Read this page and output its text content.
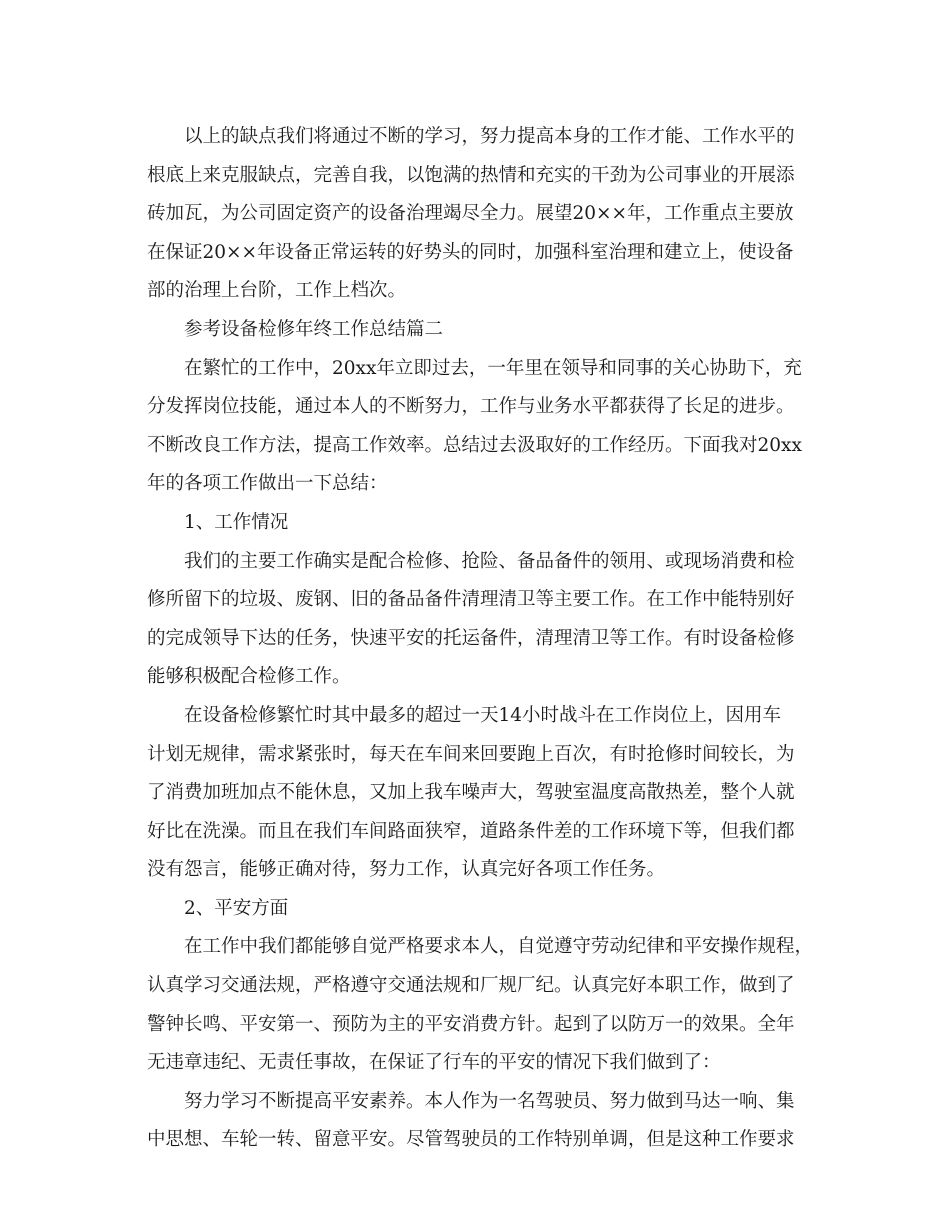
以上的缺点我们将通过不断的学习，努力提高本身的工作才能、工作水平的
根底上来克服缺点，完善自我，以饱满的热情和充实的干劲为公司事业的开展添
砖加瓦，为公司固定资产的设备治理竭尽全力。展望20××年，工作重点主要放
在保证20××年设备正常运转的好势头的同时，加强科室治理和建立上，使设备
部的治理上台阶，工作上档次。
参考设备检修年终工作总结篇二
在繁忙的工作中，20xx年立即过去，一年里在领导和同事的关心协助下，充
分发挥岗位技能，通过本人的不断努力，工作与业务水平都获得了长足的进步。
不断改良工作方法，提高工作效率。总结过去汲取好的工作经历。下面我对20xx
年的各项工作做出一下总结：
1、工作情况
我们的主要工作确实是配合检修、抢险、备品备件的领用、或现场消费和检
修所留下的垃圾、废钢、旧的备品备件清理清卫等主要工作。在工作中能特别好
的完成领导下达的任务，快速平安的托运备件，清理清卫等工作。有时设备检修
能够积极配合检修工作。
在设备检修繁忙时其中最多的超过一天14小时战斗在工作岗位上，因用车
计划无规律，需求紧张时，每天在车间来回要跑上百次，有时抢修时间较长，为
了消费加班加点不能休息，又加上我车噪声大，驾驶室温度高散热差，整个人就
好比在洗澡。而且在我们车间路面狭窄，道路条件差的工作环境下等，但我们都
没有怨言，能够正确对待，努力工作，认真完好各项工作任务。
2、平安方面
在工作中我们都能够自觉严格要求本人，自觉遵守劳动纪律和平安操作规程，
认真学习交通法规，严格遵守交通法规和厂规厂纪。认真完好本职工作，做到了
警钟长鸣、平安第一、预防为主的平安消费方针。起到了以防万一的效果。全年
无违章违纪、无责任事故，在保证了行车的平安的情况下我们做到了：
努力学习不断提高平安素养。本人作为一名驾驶员、努力做到马达一响、集
中思想、车轮一转、留意平安。尽管驾驶员的工作特别单调，但是这种工作要求
